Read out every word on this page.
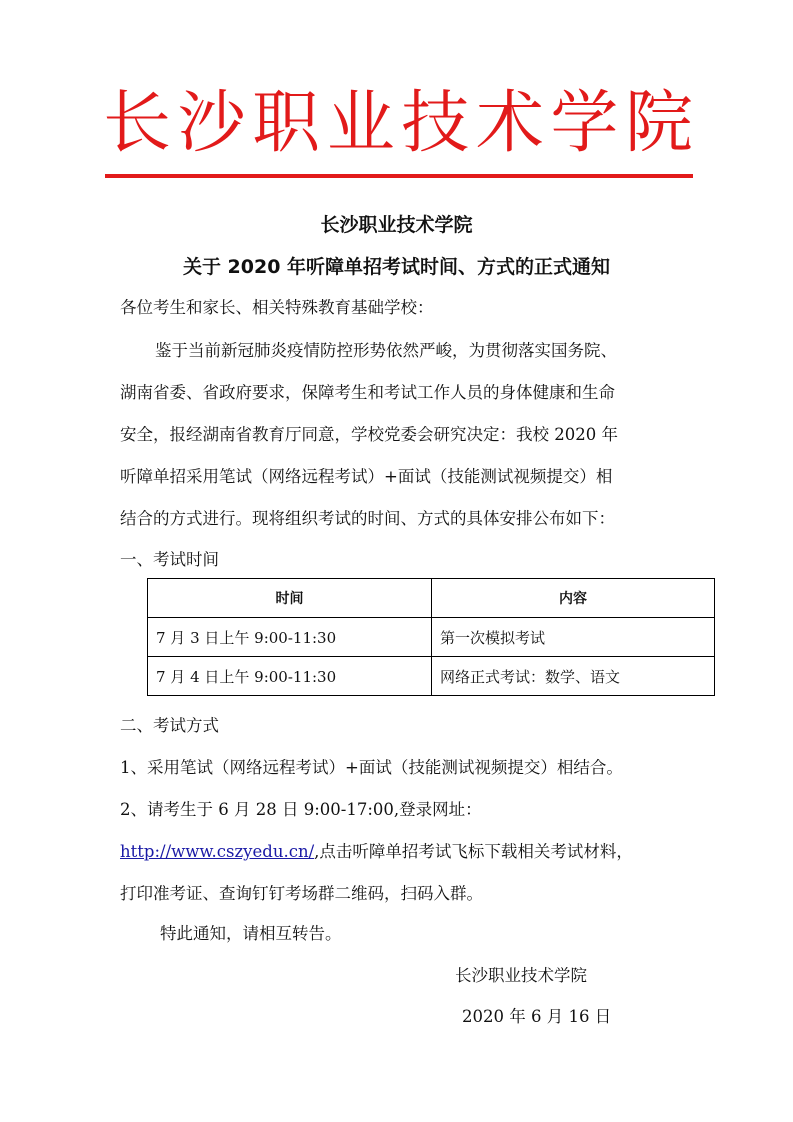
长 沙 职 业 技 术 学 院
长沙职业技术学院
关于 2020 年听障单招考试时间、方式的正式通知
各位考生和家长、相关特殊教育基础学校：
鉴于当前新冠肺炎疫情防控形势依然严峻，为贯彻落实国务院、
湖南省委、省政府要求，保障考生和考试工作人员的身体健康和生命
安全，报经湖南省教育厅同意，学校党委会研究决定：我校 2020 年
听障单招采用笔试（网络远程考试）+面试（技能测试视频提交）相
结合的方式进行。现将组织考试的时间、方式的具体安排公布如下：
一、考试时间
时间	内容
7 月 3 日上午 9:00-11:30	第一次模拟考试
7 月 4 日上午 9:00-11:30	网络正式考试：数学、语文
二、考试方式
1、采用笔试（网络远程考试）+面试（技能测试视频提交）相结合。
2、请考生于 6 月 28 日 9:00-17:00,登录网址：
http://www.cszyedu.cn/,点击听障单招考试飞标下载相关考试材料，
打印准考证、查询钉钉考场群二维码，扫码入群。
特此通知，请相互转告。
长沙职业技术学院
2020 年 6 月 16 日
